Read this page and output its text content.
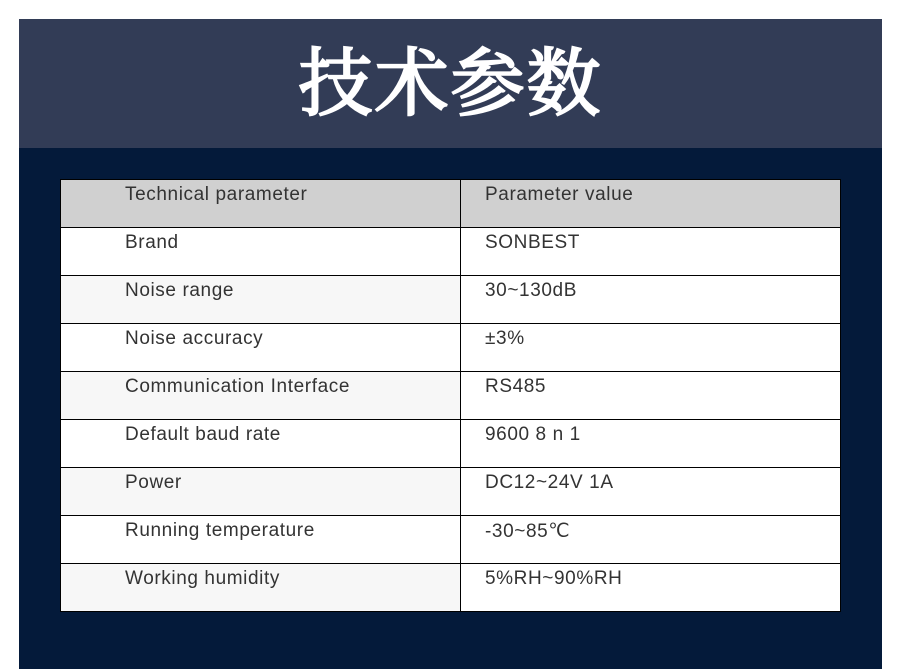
技术参数
Technical parameter	Parameter value

Brand	SONBEST

Noise range	30~130dB

Noise accuracy	±3%

Communication Interface	RS485

Default baud rate	9600 8 n 1

Power	DC12~24V 1A

Running temperature	-30~85℃

Working humidity	5%RH~90%RH
